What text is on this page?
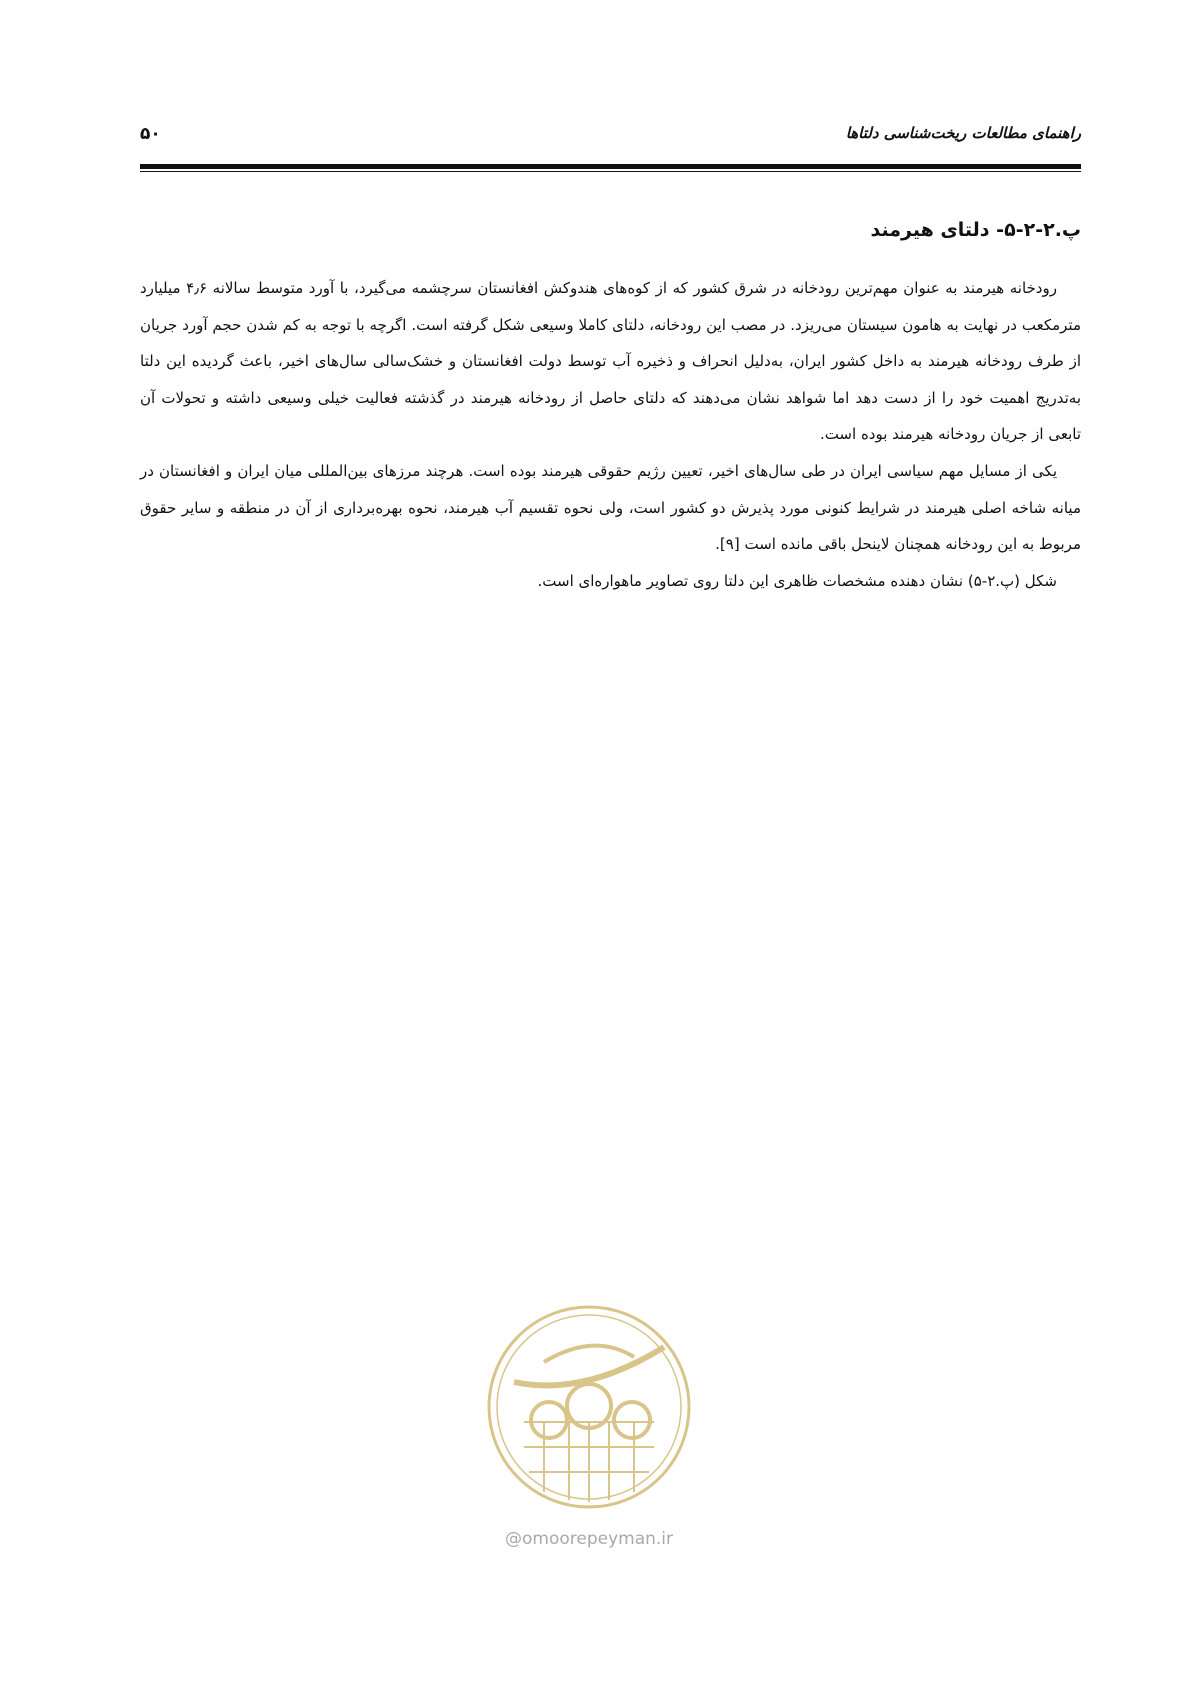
۵۰	راهنمای مطالعات ریخت‌شناسی دلتاها
پ.۲-۲-۵- دلتای هیرمند

رودخانه هیرمند به عنوان مهم‌ترین رودخانه در شرق کشور که از کوه‌های هندوکش افغانستان سرچشمه می‌گیرد، با آورد متوسط سالانه ۴٫۶ میلیارد مترمکعب در نهایت به هامون سیستان می‌ریزد. در مصب این رودخانه، دلتای کاملا وسیعی شکل گرفته است. اگرچه با توجه به کم شدن حجم آورد جریان از طرف رودخانه هیرمند به داخل کشور ایران، به‌دلیل انحراف و ذخیره آب توسط دولت افغانستان و خشک‌سالی سال‌های اخیر، باعث گردیده این دلتا به‌تدریج اهمیت خود را از دست دهد اما شواهد نشان می‌دهند که دلتای حاصل از رودخانه هیرمند در گذشته فعالیت خیلی وسیعی داشته و تحولات آن تابعی از جریان رودخانه هیرمند بوده است.

یکی از مسایل مهم سیاسی ایران در طی سال‌های اخیر، تعیین رژیم حقوقی هیرمند بوده است. هرچند مرزهای بین‌المللی میان ایران و افغانستان در میانه شاخه اصلی هیرمند در شرایط کنونی مورد پذیرش دو کشور است، ولی نحوه تقسیم آب هیرمند، نحوه بهره‌برداری از آن در منطقه و سایر حقوق مربوط به این رودخانه همچنان لاینحل باقی مانده است [۹].

شکل (پ.۲-۵) نشان دهنده مشخصات ظاهری این دلتا روی تصاویر ماهواره‌ای است.

@omoorepeyman.ir
